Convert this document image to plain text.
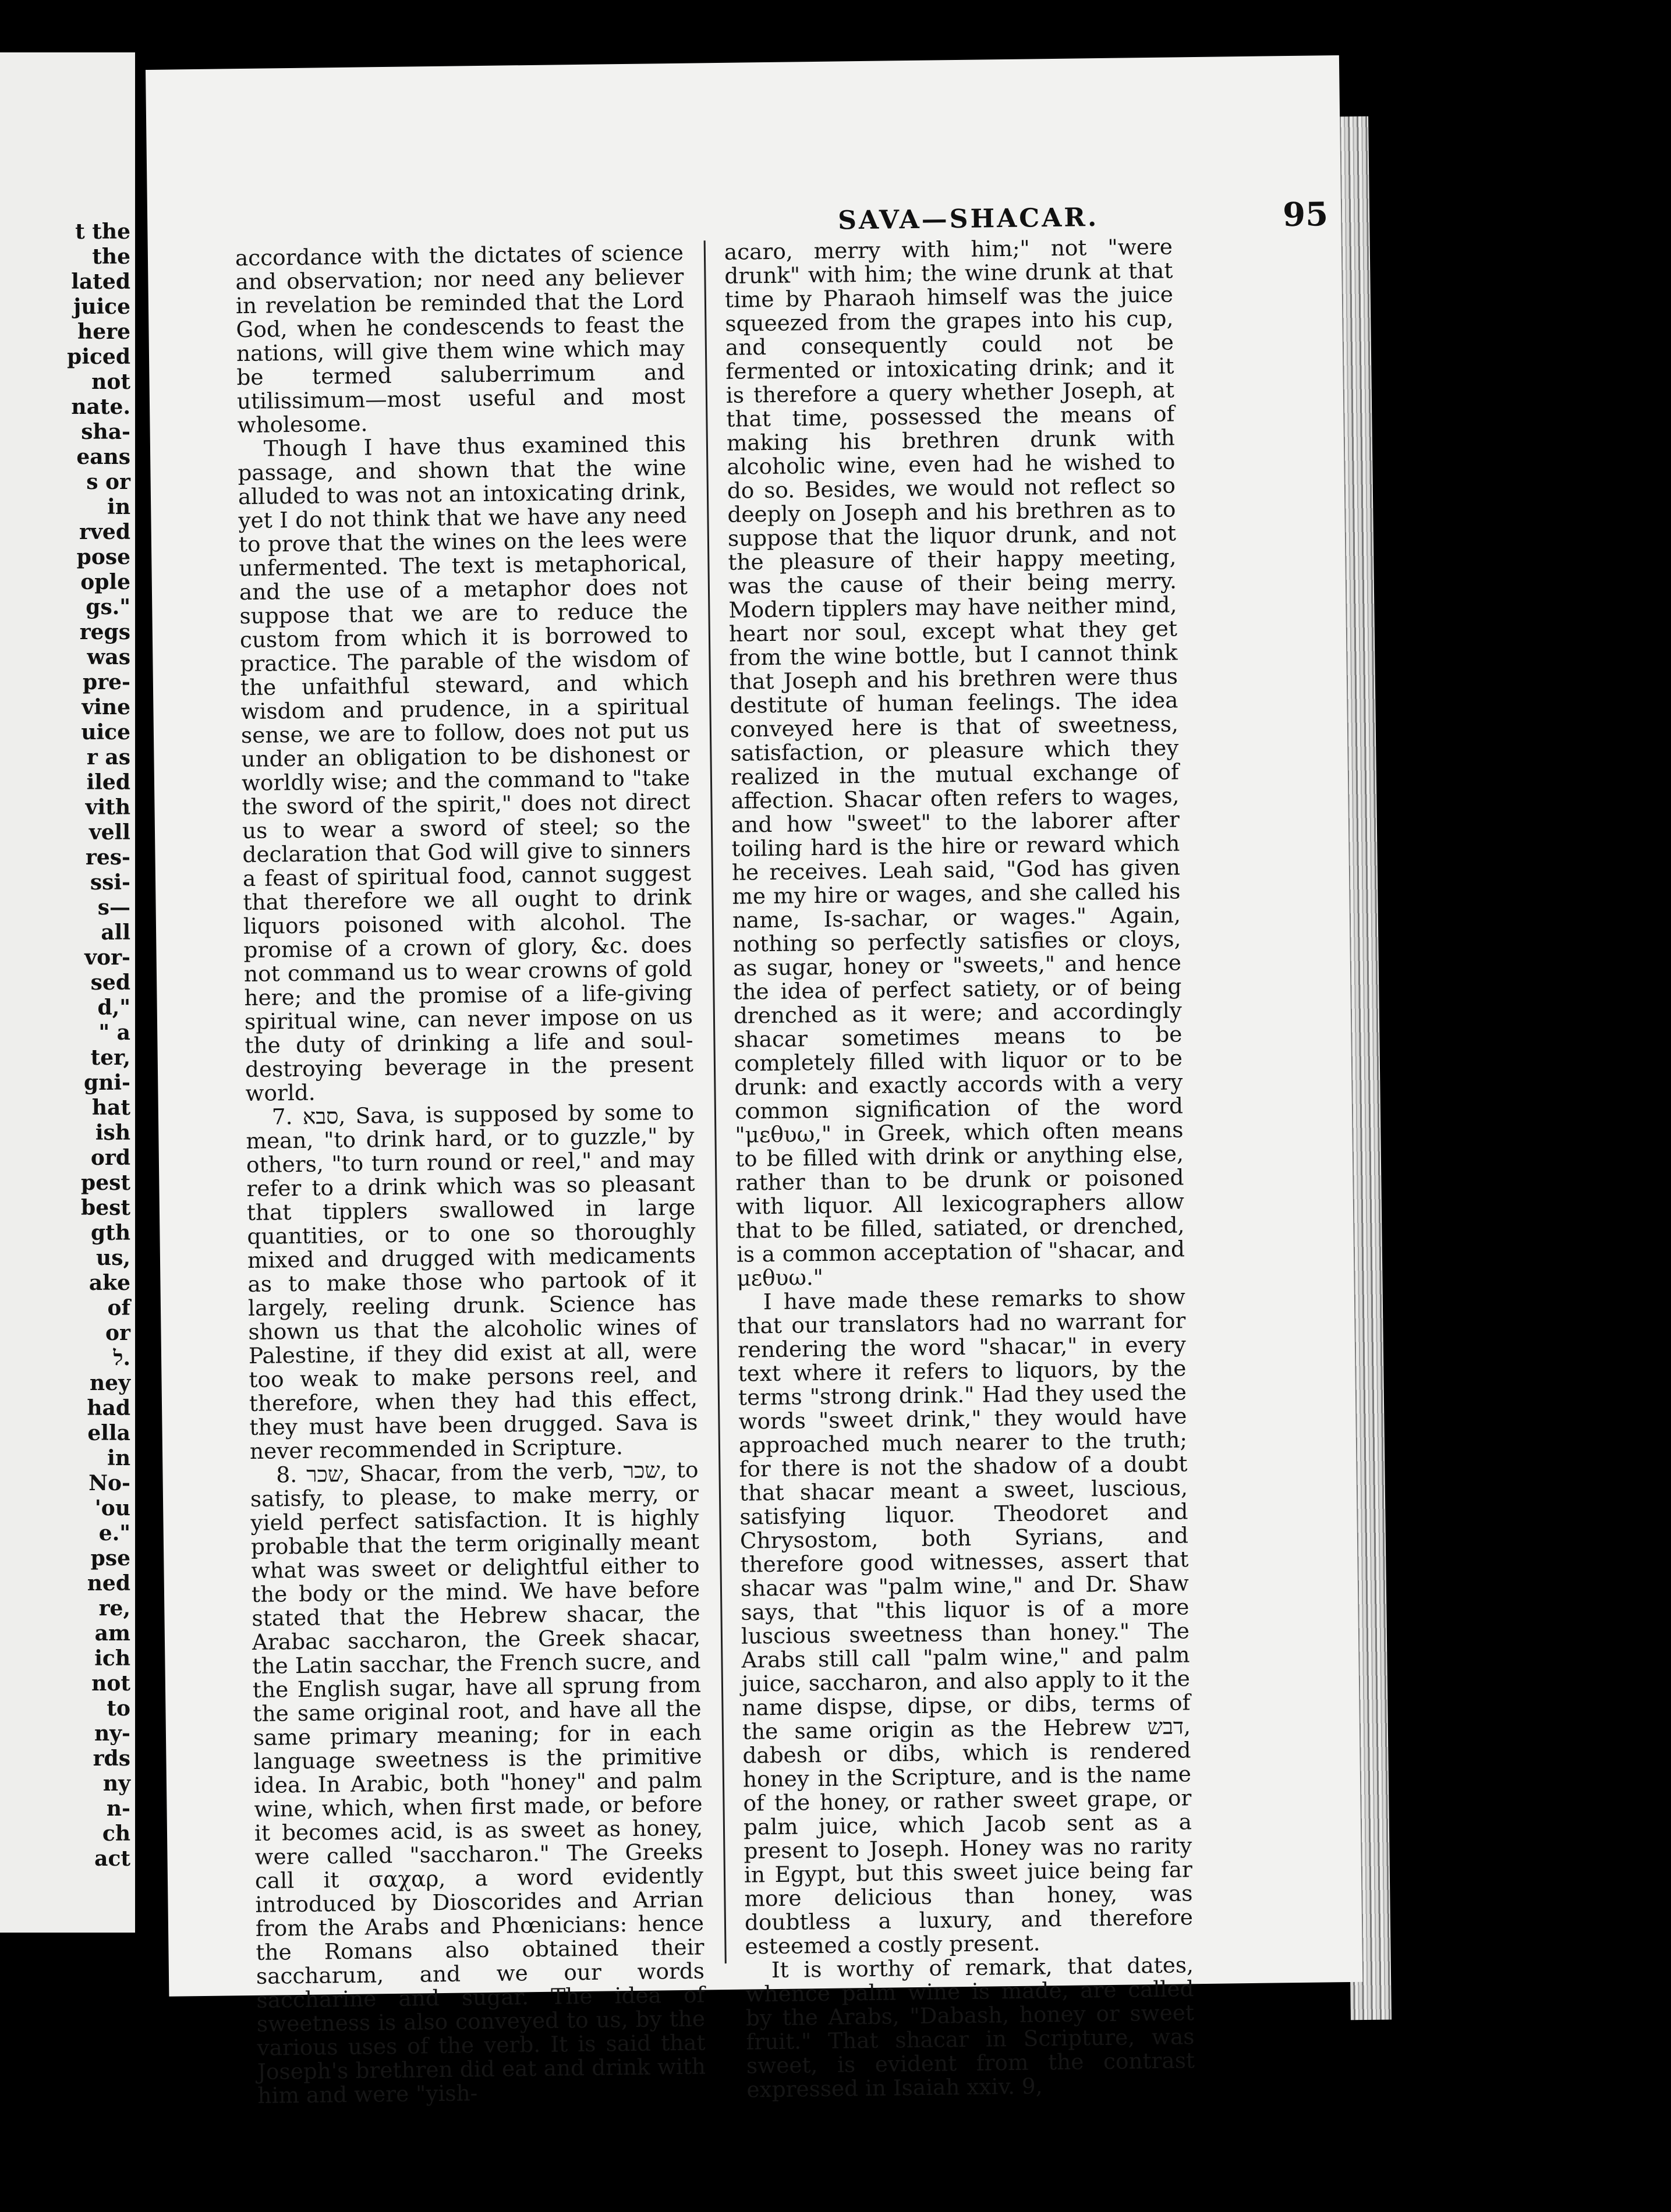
t the
the
lated
juice
here
piced
not
nate.
sha-
eans
s or
in
rved
pose
ople
gs."
regs
was
pre-
vine
uice
r as
iled
vith
vell
res-
ssi-
s—
all
vor-
sed
d,"
" a
ter,
gni-
hat
ish
ord
pest
best
gth
us,
ake
of
or
ל.
ney
had
ella
in
No-
'ou
e."
pse
ned
re,
am
ich
not
to
ny-
rds
ny
n-
ch
act
SAVA—SHACAR.	95

accordance with the dictates of science and observation; nor need any believer in revelation be reminded that the Lord God, when he condescends to feast the nations, will give them wine which may be termed saluberrimum and utilissimum—most useful and most wholesome.

Though I have thus examined this passage, and shown that the wine alluded to was not an intoxicating drink, yet I do not think that we have any need to prove that the wines on the lees were unfermented. The text is metaphorical, and the use of a metaphor does not suppose that we are to reduce the custom from which it is borrowed to practice. The parable of the wisdom of the unfaithful steward, and which wisdom and prudence, in a spiritual sense, we are to follow, does not put us under an obligation to be dishonest or worldly wise; and the command to "take the sword of the spirit," does not direct us to wear a sword of steel; so the declaration that God will give to sinners a feast of spiritual food, cannot suggest that therefore we all ought to drink liquors poisoned with alcohol. The promise of a crown of glory, &c. does not command us to wear crowns of gold here; and the promise of a life-giving spiritual wine, can never impose on us the duty of drinking a life and soul-destroying beverage in the present world.

7. סבא, Sava, is supposed by some to mean, "to drink hard, or to guzzle," by others, "to turn round or reel," and may refer to a drink which was so pleasant that tipplers swallowed in large quantities, or to one so thoroughly mixed and drugged with medicaments as to make those who partook of it largely, reeling drunk. Science has shown us that the alcoholic wines of Palestine, if they did exist at all, were too weak to make persons reel, and therefore, when they had this effect, they must have been drugged. Sava is never recommended in Scripture.

8. שכר, Shacar, from the verb, שכר, to satisfy, to please, to make merry, or yield perfect satisfaction. It is highly probable that the term originally meant what was sweet or delightful either to the body or the mind. We have before stated that the Hebrew shacar, the Arabac saccharon, the Greek shacar, the Latin sacchar, the French sucre, and the English sugar, have all sprung from the same original root, and have all the same primary meaning; for in each language sweetness is the primitive idea. In Arabic, both "honey" and palm wine, which, when first made, or before it becomes acid, is as sweet as honey, were called "saccharon." The Greeks call it σαχαρ, a word evidently introduced by Dioscorides and Arrian from the Arabs and Phœnicians: hence the Romans also obtained their saccharum, and we our words saccharine and sugar. The idea of sweetness is also conveyed to us, by the various uses of the verb. It is said that Joseph's brethren did eat and drink with him and were "yish-

acaro, merry with him;" not "were drunk" with him; the wine drunk at that time by Pharaoh himself was the juice squeezed from the grapes into his cup, and consequently could not be fermented or intoxicating drink; and it is therefore a query whether Joseph, at that time, possessed the means of making his brethren drunk with alcoholic wine, even had he wished to do so. Besides, we would not reflect so deeply on Joseph and his brethren as to suppose that the liquor drunk, and not the pleasure of their happy meeting, was the cause of their being merry. Modern tipplers may have neither mind, heart nor soul, except what they get from the wine bottle, but I cannot think that Joseph and his brethren were thus destitute of human feelings. The idea conveyed here is that of sweetness, satisfaction, or pleasure which they realized in the mutual exchange of affection. Shacar often refers to wages, and how "sweet" to the laborer after toiling hard is the hire or reward which he receives. Leah said, "God has given me my hire or wages, and she called his name, Is-sachar, or wages." Again, nothing so perfectly satisfies or cloys, as sugar, honey or "sweets," and hence the idea of perfect satiety, or of being drenched as it were; and accordingly shacar sometimes means to be completely filled with liquor or to be drunk: and exactly accords with a very common signification of the word "μεθυω," in Greek, which often means to be filled with drink or anything else, rather than to be drunk or poisoned with liquor. All lexicographers allow that to be filled, satiated, or drenched, is a common acceptation of "shacar, and μεθυω."

I have made these remarks to show that our translators had no warrant for rendering the word "shacar," in every text where it refers to liquors, by the terms "strong drink." Had they used the words "sweet drink," they would have approached much nearer to the truth; for there is not the shadow of a doubt that shacar meant a sweet, luscious, satisfying liquor. Theodoret and Chrysostom, both Syrians, and therefore good witnesses, assert that shacar was "palm wine," and Dr. Shaw says, that "this liquor is of a more luscious sweetness than honey." The Arabs still call "palm wine," and palm juice, saccharon, and also apply to it the name dispse, dipse, or dibs, terms of the same origin as the Hebrew דבש, dabesh or dibs, which is rendered honey in the Scripture, and is the name of the honey, or rather sweet grape, or palm juice, which Jacob sent as a present to Joseph. Honey was no rarity in Egypt, but this sweet juice being far more delicious than honey, was doubtless a luxury, and therefore esteemed a costly present.

It is worthy of remark, that dates, whence palm wine is made, are called by the Arabs, "Dabash, honey or sweet fruit." That shacar in Scripture, was sweet, is evident from the contrast expressed in Isaiah xxiv. 9,
